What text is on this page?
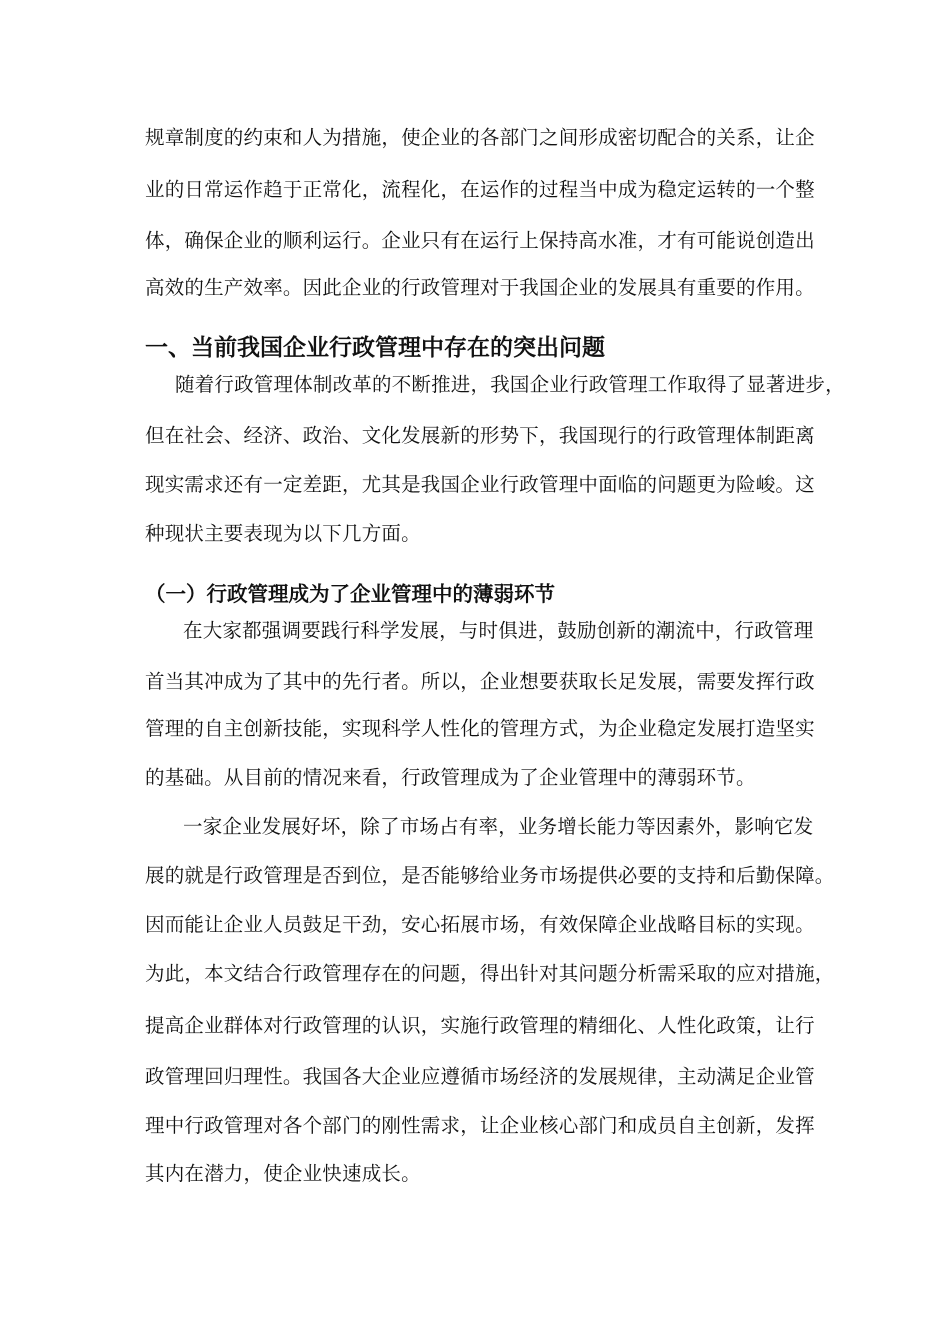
规章制度的约束和人为措施，使企业的各部门之间形成密切配合的关系，让企
业的日常运作趋于正常化，流程化，在运作的过程当中成为稳定运转的一个整
体，确保企业的顺利运行。企业只有在运行上保持高水准，才有可能说创造出
高效的生产效率。因此企业的行政管理对于我国企业的发展具有重要的作用。
一、当前我国企业行政管理中存在的突出问题
随着行政管理体制改革的不断推进，我国企业行政管理工作取得了显著进步，
但在社会、经济、政治、文化发展新的形势下，我国现行的行政管理体制距离
现实需求还有一定差距，尤其是我国企业行政管理中面临的问题更为险峻。这
种现状主要表现为以下几方面。
（一）行政管理成为了企业管理中的薄弱环节
在大家都强调要践行科学发展，与时俱进，鼓励创新的潮流中，行政管理
首当其冲成为了其中的先行者。所以，企业想要获取长足发展，需要发挥行政
管理的自主创新技能，实现科学人性化的管理方式，为企业稳定发展打造坚实
的基础。从目前的情况来看，行政管理成为了企业管理中的薄弱环节。
一家企业发展好坏，除了市场占有率，业务增长能力等因素外，影响它发
展的就是行政管理是否到位，是否能够给业务市场提供必要的支持和后勤保障。
因而能让企业人员鼓足干劲，安心拓展市场，有效保障企业战略目标的实现。
为此，本文结合行政管理存在的问题，得出针对其问题分析需采取的应对措施，
提高企业群体对行政管理的认识，实施行政管理的精细化、人性化政策，让行
政管理回归理性。我国各大企业应遵循市场经济的发展规律，主动满足企业管
理中行政管理对各个部门的刚性需求，让企业核心部门和成员自主创新，发挥
其内在潜力，使企业快速成长。
